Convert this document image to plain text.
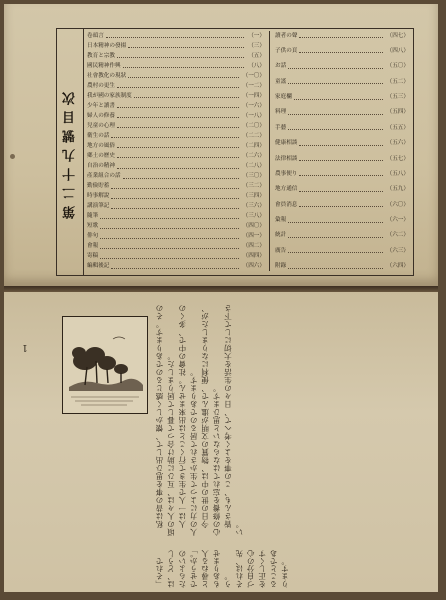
第二十九號目次
卷頭言	（一）
日本精神の發揚	（三）
教育と宗教	（五）
國民精神作興	（八）
社會教化の現狀	（一〇）
農村の更生	（一二）
我が國の家族制度	（一四）
少年と讀書	（一六）
婦人の修養	（一八）
兒童の心理	（二〇）
衛生の話	（二二）
地方の風俗	（二四）
鄕土の歷史	（二六）
自治の精神	（二八）
產業組合の話	（三〇）
勤儉貯蓄	（三二）
時事解說	（三四）
講演筆記	（三六）
隨筆	（三八）
短歌	（四〇）
俳句	（四一）
會報	（四二）
寄稿	（四四）
編輯後記	（四六）
讀者の聲	（四七）
子供の頁	（四八）
お話	（五〇）
童謠	（五二）
家庭欄	（五三）
料理	（五四）
手藝	（五五）
健康相談	（五六）
法律相談	（五七）
農事便り	（五八）
地方通信	（五九）
會員消息	（六〇）
彙報	（六一）
統計	（六二）
廣告	（六三）
附錄	（六四）

私は昔の事を思ひ出して、懷かしく感じるのであります。その頃の人々は、互ひに助け合つて暮して居りました。 人は一人で生きて行くことは出來ません。社會の中で、多くの人の力によつて生かされて居るのであります。 今日の世の中は、物質の文明が進んで、便利になりましたが、心の修養を忘れてはならないと思ひます。 皆さんも、この事をよく考へて、日々の生活を大切にして下さい。

「それでは、どうしたらよいのでせうか。」と尋ねる人もありませう。 それは、先づ自分の心を正しくすることであります。

1
